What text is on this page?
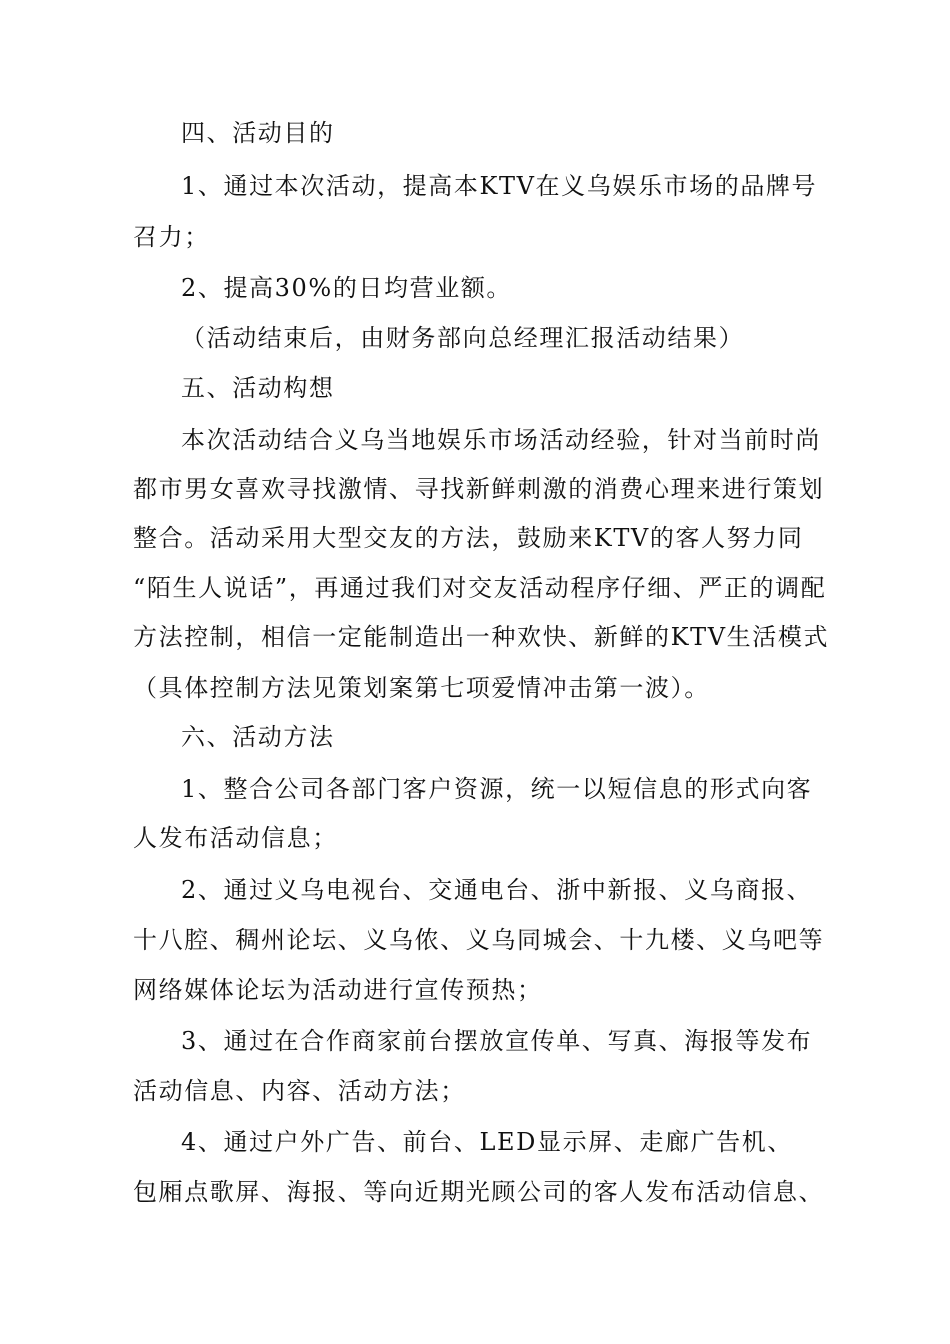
四、活动目的
1、通过本次活动，提高本KTV在义乌娱乐市场的品牌号
召力；
2、提高30%的日均营业额。
（活动结束后，由财务部向总经理汇报活动结果）
五、活动构想
本次活动结合义乌当地娱乐市场活动经验，针对当前时尚
都市男女喜欢寻找激情、寻找新鲜刺激的消费心理来进行策划
整合。活动采用大型交友的方法，鼓励来KTV的客人努力同
“陌生人说话”，再通过我们对交友活动程序仔细、严正的调配
方法控制，相信一定能制造出一种欢快、新鲜的KTV生活模式
（具体控制方法见策划案第七项爱情冲击第一波）。
六、活动方法
1、整合公司各部门客户资源，统一以短信息的形式向客
人发布活动信息；
2、通过义乌电视台、交通电台、浙中新报、义乌商报、
十八腔、稠州论坛、义乌侬、义乌同城会、十九楼、义乌吧等
网络媒体论坛为活动进行宣传预热；
3、通过在合作商家前台摆放宣传单、写真、海报等发布
活动信息、内容、活动方法；
4、通过户外广告、前台、LED显示屏、走廊广告机、
包厢点歌屏、海报、等向近期光顾公司的客人发布活动信息、
